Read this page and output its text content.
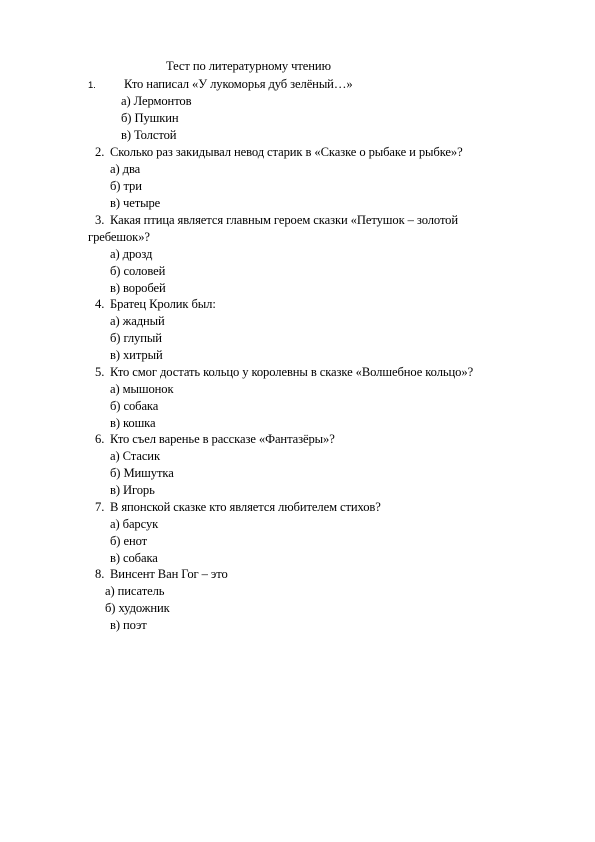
Тест по литературному чтению
1. Кто написал «У лукоморья дуб зелёный…»
а) Лермонтов
б) Пушкин
в) Толстой
2. Сколько раз закидывал невод старик в «Сказке о рыбаке и рыбке»?
а) два
б) три
в) четыре
3. Какая птица является главным героем сказки «Петушок – золотой
гребешок»?
а) дрозд
б) соловей
в) воробей
4. Братец Кролик был:
а) жадный
б) глупый
в) хитрый
5. Кто смог достать кольцо у королевны в сказке «Волшебное кольцо»?
а) мышонок
б) собака
в) кошка
6. Кто съел варенье в рассказе «Фантазёры»?
а) Стасик
б) Мишутка
в) Игорь
7. В японской сказке кто является любителем стихов?
а) барсук
б) енот
в) собака
8. Винсент Ван Гог – это
а) писатель
б) художник
в) поэт
